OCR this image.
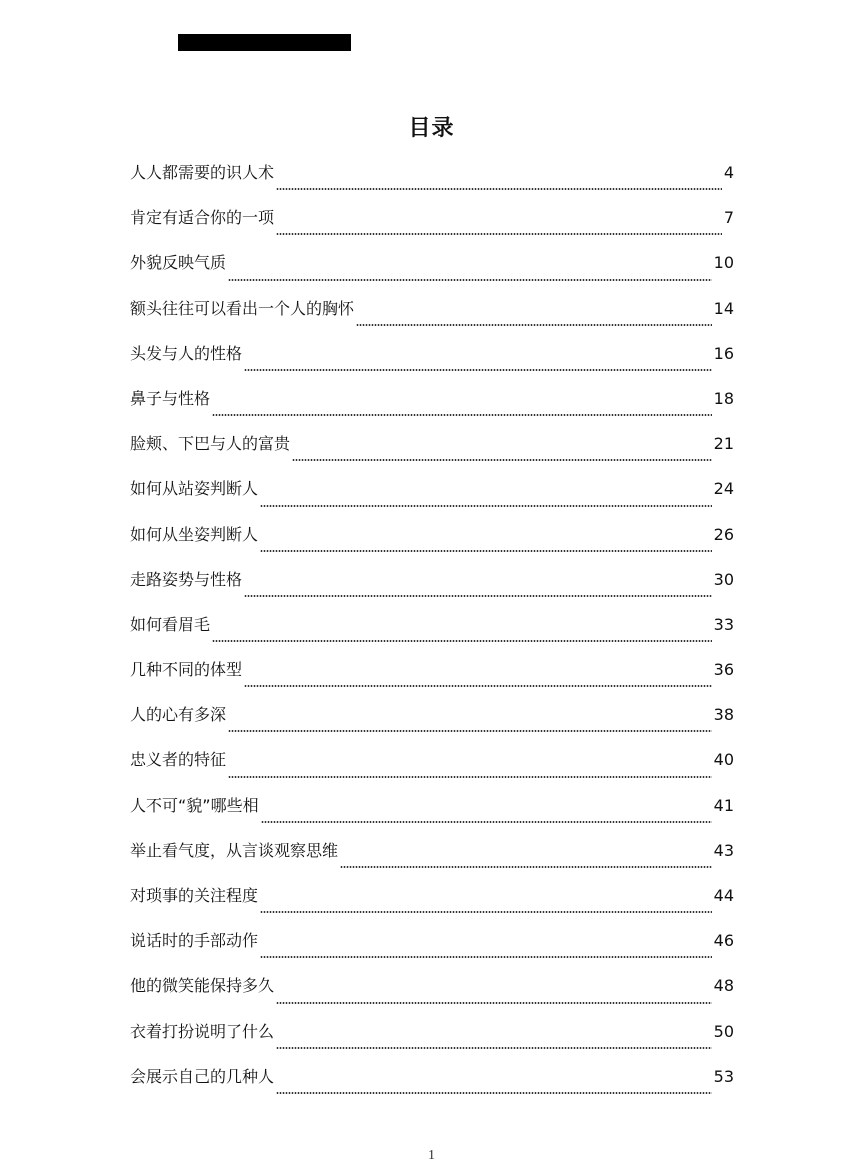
目录
人人都需要的识人术	4
肯定有适合你的一项	7
外貌反映气质	10
额头往往可以看出一个人的胸怀	14
头发与人的性格	16
鼻子与性格	18
脸颊、下巴与人的富贵	21
如何从站姿判断人	24
如何从坐姿判断人	26
走路姿势与性格	30
如何看眉毛	33
几种不同的体型	36
人的心有多深	38
忠义者的特征	40
人不可“貌”哪些相	41
举止看气度，从言谈观察思维	43
对琐事的关注程度	44
说话时的手部动作	46
他的微笑能保持多久	48
衣着打扮说明了什么	50
会展示自己的几种人	53
1
